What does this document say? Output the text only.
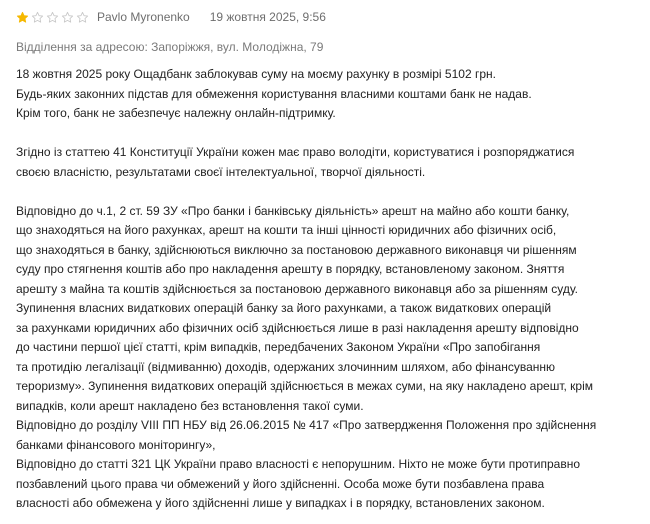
Pavlo Myronenko 19 жовтня 2025, 9:56
Відділення за адресою: Запоріжжя, вул. Молодіжна, 79
18 жовтня 2025 року Ощадбанк заблокував суму на моєму рахунку в розмірі 5102 грн.
Будь-яких законних підстав для обмеження користування власними коштами банк не надав.
Крім того, банк не забезпечує належну онлайн-підтримку.
Згідно із статтею 41 Конституції України кожен має право володіти, користуватися і розпоряджатися
своєю власністю, результатами своєї інтелектуальної, творчої діяльності.
Відповідно до ч.1, 2 ст. 59 ЗУ «Про банки і банківську діяльність» арешт на майно або кошти банку,
що знаходяться на його рахунках, арешт на кошти та інші цінності юридичних або фізичних осіб,
що знаходяться в банку, здійснюються виключно за постановою державного виконавця чи рішенням
суду про стягнення коштів або про накладення арешту в порядку, встановленому законом. Зняття
арешту з майна та коштів здійснюється за постановою державного виконавця або за рішенням суду.
Зупинення власних видаткових операцій банку за його рахунками, а також видаткових операцій
за рахунками юридичних або фізичних осіб здійснюється лише в разі накладення арешту відповідно
до частини першої цієї статті, крім випадків, передбачених Законом України «Про запобігання
та протидію легалізації (відмиванню) доходів, одержаних злочинним шляхом, або фінансуванню
тероризму». Зупинення видаткових операцій здійснюється в межах суми, на яку накладено арешт, крім
випадків, коли арешт накладено без встановлення такої суми.
Відповідно до розділу VIII ПП НБУ від 26.06.2015 № 417 «Про затвердження Положення про здійснення
банками фінансового моніторингу»,
Відповідно до статті 321 ЦК України право власності є непорушним. Ніхто не може бути протиправно
позбавлений цього права чи обмежений у його здійсненні. Особа може бути позбавлена права
власності або обмежена у його здійсненні лише у випадках і в порядку, встановлених законом.
